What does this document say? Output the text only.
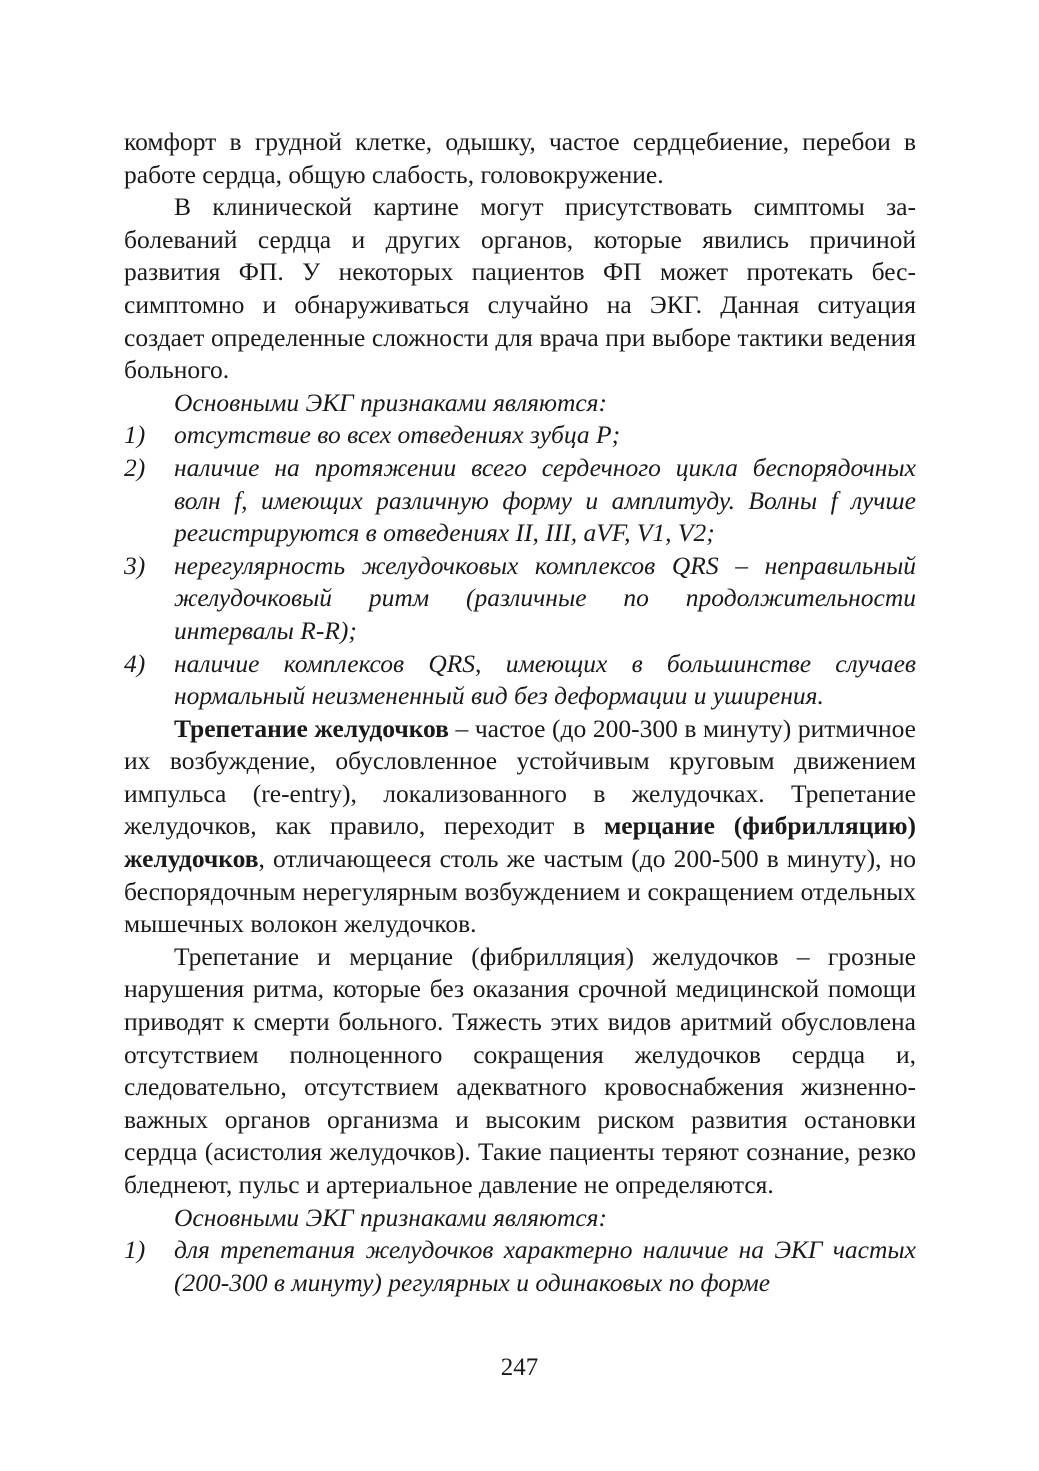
комфорт в грудной клетке, одышку, частое сердцебиение, перебои в работе сердца, общую слабость, головокружение.

В клинической картине могут присутствовать симптомы заболеваний сердца и других органов, которые явились причиной развития ФП. У некоторых пациентов ФП может протекать бессимптомно и обнаруживаться случайно на ЭКГ. Данная ситуация создает определенные сложности для врача при выборе тактики ведения больного.

Основными ЭКГ признаками являются:

1)	отсутствие во всех отведениях зубца Р;
2)	наличие на протяжении всего сердечного цикла беспорядочных волн f, имеющих различную форму и амплитуду. Волны f лучше регистрируются в отведениях II, III, aVF, V1, V2;
3)	нерегулярность желудочковых комплексов QRS – неправильный желудочковый ритм (различные по продолжительности интервалы R-R);
4)	наличие комплексов QRS, имеющих в большинстве случаев нормальный неизмененный вид без деформации и уширения.

Трепетание желудочков – частое (до 200-300 в минуту) ритмичное их возбуждение, обусловленное устойчивым круговым движением импульса (re-entry), локализованного в желудочках. Трепетание желудочков, как правило, переходит в мерцание (фибрилляцию) желудочков, отличающееся столь же частым (до 200-500 в минуту), но беспорядочным нерегулярным возбуждением и сокращением отдельных мышечных волокон желудочков.

Трепетание и мерцание (фибрилляция) желудочков – грозные нарушения ритма, которые без оказания срочной медицинской помощи приводят к смерти больного. Тяжесть этих видов аритмий обусловлена отсутствием полноценного сокращения желудочков сердца и, следовательно, отсутствием адекватного кровоснабжения жизненно-важных органов организма и высоким риском развития остановки сердца (асистолия желудочков). Такие пациенты теряют сознание, резко бледнеют, пульс и артериальное давление не определяются.

Основными ЭКГ признаками являются:

1)	для трепетания желудочков характерно наличие на ЭКГ частых (200-300 в минуту) регулярных и одинаковых по форме
247
